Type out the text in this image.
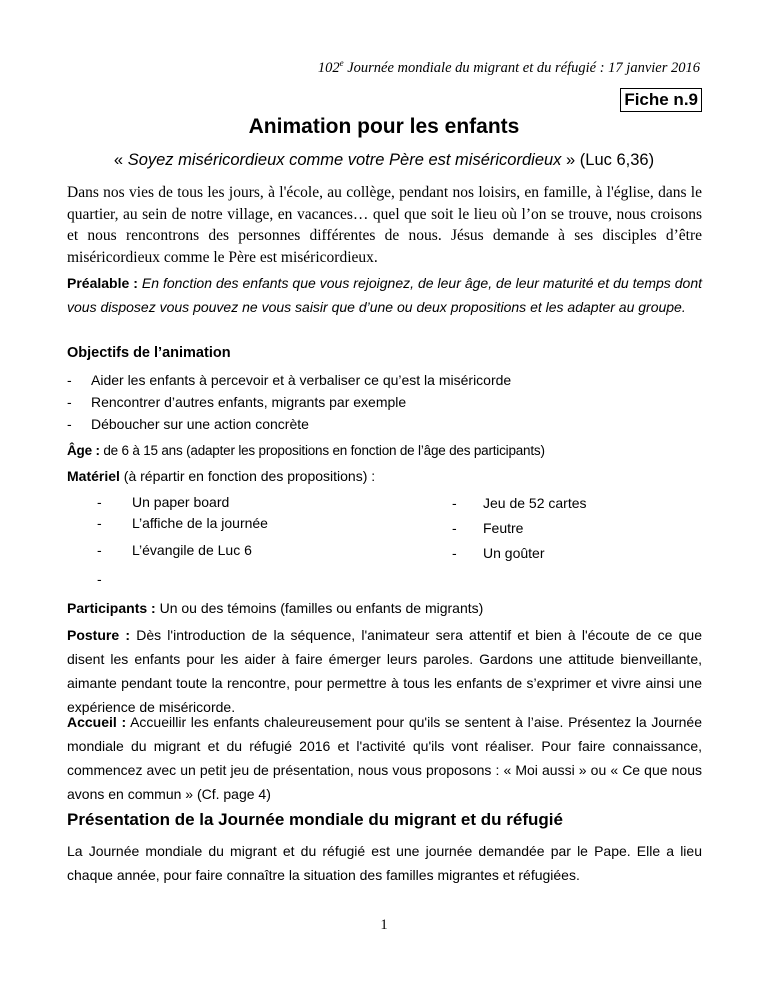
102e Journée mondiale du migrant et du réfugié : 17 janvier 2016
Fiche n.9
Animation pour les enfants
« Soyez miséricordieux comme votre Père est miséricordieux » (Luc 6,36)
Dans nos vies de tous les jours, à l'école, au collège, pendant nos loisirs, en famille, à l'église, dans le quartier, au sein de notre village, en vacances… quel que soit le lieu où l’on se trouve, nous croisons et nous rencontrons des personnes différentes de nous. Jésus demande à ses disciples d’être miséricordieux comme le Père est miséricordieux.
Préalable : En fonction des enfants que vous rejoignez, de leur âge, de leur maturité et du temps dont vous disposez vous pouvez ne vous saisir que d’une ou deux propositions et les adapter au groupe.
Objectifs de l’animation
- Aider les enfants à percevoir et à verbaliser ce qu’est la miséricorde
- Rencontrer d’autres enfants, migrants par exemple
- Déboucher sur une action concrète
Âge : de 6 à 15 ans (adapter les propositions en fonction de l’âge des participants)
Matériel (à répartir en fonction des propositions) :
- Un paper board
- L’affiche de la journée
- L’évangile de Luc 6
- Jeu de 52 cartes
- Feutre
- Un goûter
-
Participants : Un ou des témoins (familles ou enfants de migrants)
Posture : Dès l'introduction de la séquence, l'animateur sera attentif et bien à l'écoute de ce que disent les enfants pour les aider à faire émerger leurs paroles. Gardons une attitude bienveillante, aimante pendant toute la rencontre, pour permettre à tous les enfants de s’exprimer et vivre ainsi une expérience de miséricorde.
Accueil : Accueillir les enfants chaleureusement pour qu'ils se sentent à l’aise. Présentez la Journée mondiale du migrant et du réfugié 2016 et l'activité qu'ils vont réaliser. Pour faire connaissance, commencez avec un petit jeu de présentation, nous vous proposons : « Moi aussi » ou « Ce que nous avons en commun » (Cf. page 4)
Présentation de la Journée mondiale du migrant et du réfugié
La Journée mondiale du migrant et du réfugié est une journée demandée par le Pape. Elle a lieu chaque année, pour faire connaître la situation des familles migrantes et réfugiées.
1
